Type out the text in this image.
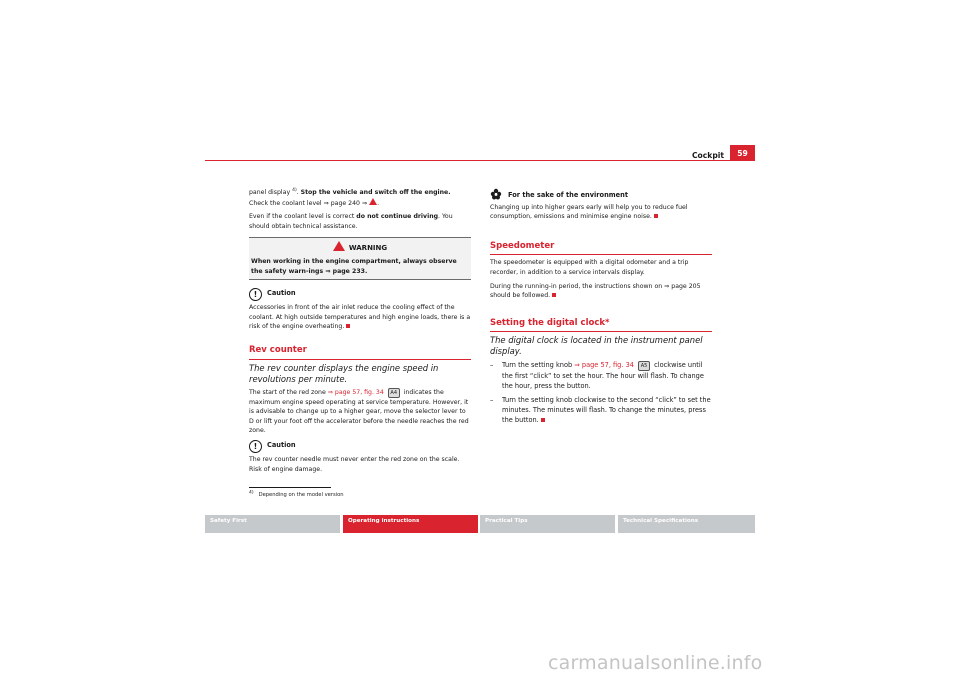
Cockpit	59

panel display $^{4)}$. Stop the vehicle and switch off the engine. Check the coolant level ⇒ page 240 ⇒ .

Even if the coolant level is correct do not continue driving. You should obtain technical assistance.

WARNING
When working in the engine compartment, always observe the safety warn-ings ⇒ page 233.
! Caution

Accessories in front of the air inlet reduce the cooling effect of the coolant. At high outside temperatures and high engine loads, there is a risk of the engine overheating.

Rev counter
The rev counter displays the engine speed in revolutions per minute.

The start of the red zone ⇒ page 57, fig. 34 A4 indicates the maximum engine speed operating at service temperature. However, it is advisable to change up to a higher gear, move the selector lever to D or lift your foot off the accelerator before the needle reaches the red zone.

! Caution

The rev counter needle must never enter the red zone on the scale. Risk of engine damage.

For the sake of the environment

Changing up into higher gears early will help you to reduce fuel consumption, emissions and minimise engine noise.

Speedometer

The speedometer is equipped with a digital odometer and a trip recorder, in addition to a service intervals display.

During the running-in period, the instructions shown on ⇒ page 205 should be followed.

Setting the digital clock*
The digital clock is located in the instrument panel display.
– Turn the setting knob ⇒ page 57, fig. 34 A5 clockwise until the first “click” to set the hour. The hour will flash. To change the hour, press the button.
– Turn the setting knob clockwise to the second “click” to set the minutes. The minutes will flash. To change the minutes, press the button.
$^{4)}$ Depending on the model version
Safety First	Operating instructions	Practical Tips	Technical Specifications
carmanualsonline.info
